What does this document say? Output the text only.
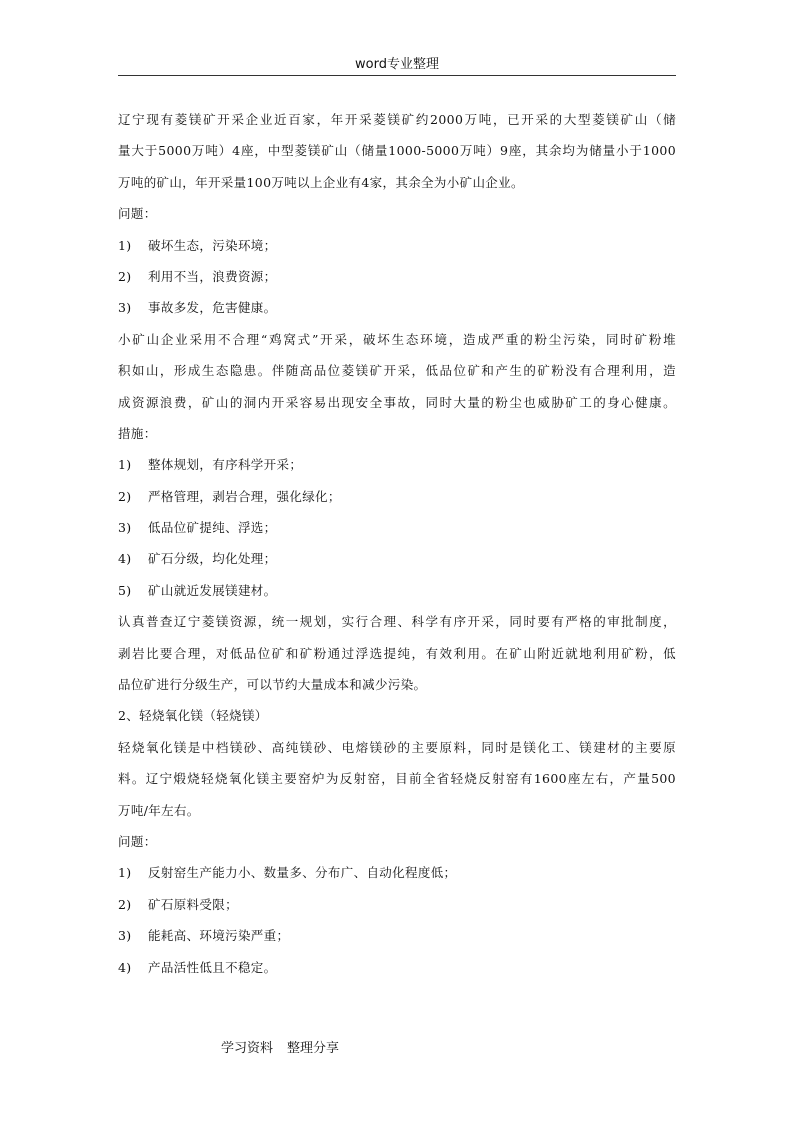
word专业整理
辽宁现有菱镁矿开采企业近百家，年开采菱镁矿约2000万吨，已开采的大型菱镁矿山（储
量大于5000万吨）4座，中型菱镁矿山（储量1000-5000万吨）9座，其余均为储量小于1000
万吨的矿山，年开采量100万吨以上企业有4家，其余全为小矿山企业。
问题：
1)	破坏生态，污染环境；
2)	利用不当，浪费资源；
3)	事故多发，危害健康。
小矿山企业采用不合理“鸡窝式”开采，破坏生态环境，造成严重的粉尘污染，同时矿粉堆
积如山，形成生态隐患。伴随高品位菱镁矿开采，低品位矿和产生的矿粉没有合理利用，造
成资源浪费，矿山的洞内开采容易出现安全事故，同时大量的粉尘也威胁矿工的身心健康。
措施：
1)	整体规划，有序科学开采；
2)	严格管理，剥岩合理，强化绿化；
3)	低品位矿提纯、浮选；
4)	矿石分级，均化处理；
5)	矿山就近发展镁建材。
认真普查辽宁菱镁资源，统一规划，实行合理、科学有序开采，同时要有严格的审批制度，
剥岩比要合理，对低品位矿和矿粉通过浮选提纯，有效利用。在矿山附近就地利用矿粉，低
品位矿进行分级生产，可以节约大量成本和减少污染。
2、轻烧氧化镁（轻烧镁）
轻烧氧化镁是中档镁砂、高纯镁砂、电熔镁砂的主要原料，同时是镁化工、镁建材的主要原
料。辽宁煅烧轻烧氧化镁主要窑炉为反射窑，目前全省轻烧反射窑有1600座左右，产量500
万吨/年左右。
问题：
1)	反射窑生产能力小、数量多、分布广、自动化程度低；
2)	矿石原料受限；
3)	能耗高、环境污染严重；
4)	产品活性低且不稳定。
学习资料 整理分享
